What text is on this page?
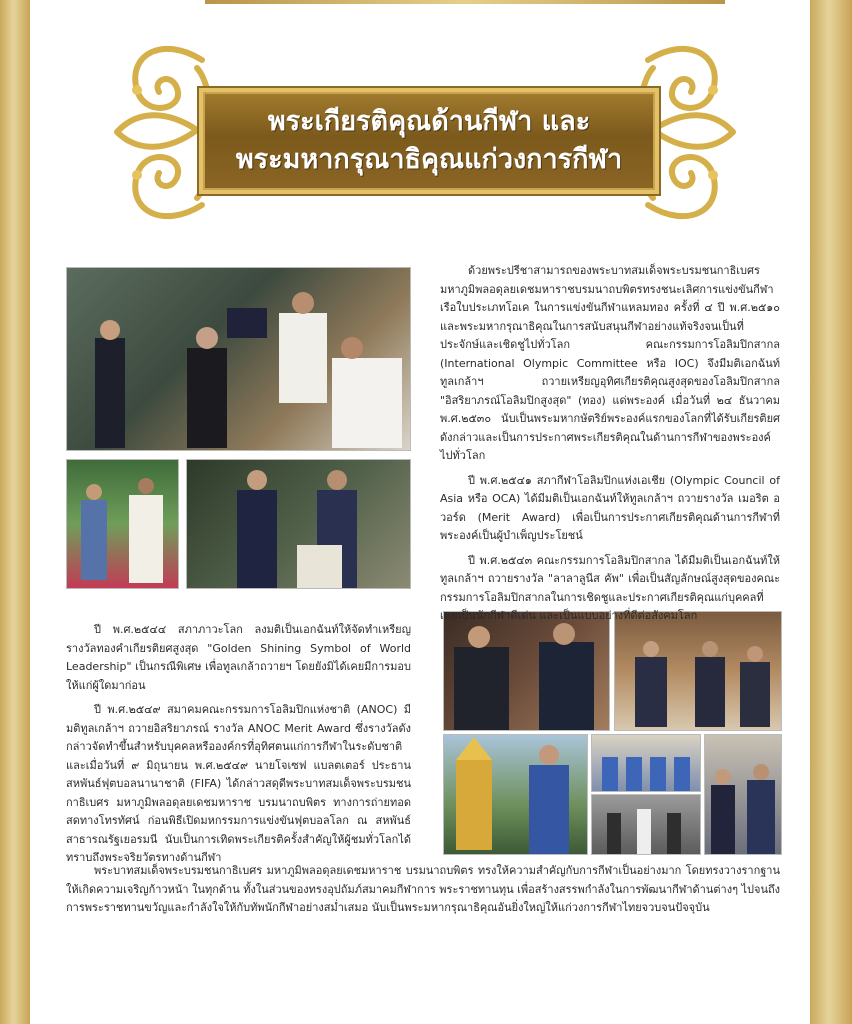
พระเกียรติคุณด้านกีฬา และ
พระมหากรุณาธิคุณแก่วงการกีฬา

ด้วยพระปรีชาสามารถของพระบาทสมเด็จพระบรมชนกาธิเบศร มหาภูมิพลอดุลยเดชมหาราชบรมนาถบพิตรทรงชนะเลิศการแข่งขันกีฬาเรือใบประเภทโอเค ในการแข่งขันกีฬาแหลมทอง ครั้งที่ ๔ ปี พ.ศ.๒๕๑๐ และพระมหากรุณาธิคุณในการสนับสนุนกีฬาอย่างแท้จริงจนเป็นที่ประจักษ์และเชิดชูไปทั่วโลก คณะกรรมการโอลิมปิกสากล (International Olympic Committee หรือ IOC) จึงมีมติเอกฉันท์ทูลเกล้าฯ ถวายเหรียญอุทิศเกียรติคุณสูงสุดของโอลิมปิกสากล "อิสริยาภรณ์โอลิมปิกสูงสุด" (ทอง) แด่พระองค์ เมื่อวันที่ ๒๔ ธันวาคม พ.ศ.๒๕๓๐ นับเป็นพระมหากษัตริย์พระองค์แรกของโลกที่ได้รับเกียรติยศดังกล่าวและเป็นการประกาศพระเกียรติคุณในด้านการกีฬาของพระองค์ไปทั่วโลก

ปี พ.ศ.๒๕๔๑ สภากีฬาโอลิมปิกแห่งเอเชีย (Olympic Council of Asia หรือ OCA) ได้มีมติเป็นเอกฉันท์ให้ทูลเกล้าฯ ถวายรางวัล เมอริต อวอร์ด (Merit Award) เพื่อเป็นการประกาศเกียรติคุณด้านการกีฬาที่พระองค์เป็นผู้บำเพ็ญประโยชน์

ปี พ.ศ.๒๕๔๓ คณะกรรมการโอลิมปิกสากล ได้มีมติเป็นเอกฉันท์ให้ทูลเกล้าฯ ถวายรางวัล "ลาลาลูนีส คัพ" เพื่อเป็นสัญลักษณ์สูงสุดของคณะกรรมการโอลิมปิกสากลในการเชิดชูและประกาศเกียรติคุณแก่บุคคลที่เคยเป็นนักกีฬาดีเด่น และเป็นแบบอย่างที่ดีต่อสังคมโลก

ปี พ.ศ.๒๕๔๔ สภาภาวะโลก ลงมติเป็นเอกฉันท์ให้จัดทำเหรียญรางวัลทองคำเกียรติยศสูงสุด "Golden Shining Symbol of World Leadership" เป็นกรณีพิเศษ เพื่อทูลเกล้าถวายฯ โดยยังมิได้เคยมีการมอบให้แก่ผู้ใดมาก่อน

ปี พ.ศ.๒๕๔๙ สมาคมคณะกรรมการโอลิมปิกแห่งชาติ (ANOC) มีมติทูลเกล้าฯ ถวายอิสริยาภรณ์ รางวัล ANOC Merit Award ซึ่งรางวัลดังกล่าวจัดทำขึ้นสำหรับบุคคลหรือองค์กรที่อุทิศตนแก่การกีฬาในระดับชาติ และเมื่อวันที่ ๙ มิถุนายน พ.ศ.๒๕๔๙ นายโจเซฟ แบลตเตอร์ ประธานสหพันธ์ฟุตบอลนานาชาติ (FIFA) ได้กล่าวสดุดีพระบาทสมเด็จพระบรมชนกาธิเบศร มหาภูมิพลอดุลยเดชมหาราช บรมนาถบพิตร ทางการถ่ายทอดสดทางโทรทัศน์ ก่อนพิธีเปิดมหกรรมการแข่งขันฟุตบอลโลก ณ สหพันธ์สาธารณรัฐเยอรมนี นับเป็นการเทิดพระเกียรติครั้งสำคัญให้ผู้ชมทั่วโลกได้ทราบถึงพระจริยวัตรทางด้านกีฬา

พระบาทสมเด็จพระบรมชนกาธิเบศร มหาภูมิพลอดุลยเดชมหาราช บรมนาถบพิตร ทรงให้ความสำคัญกับการกีฬาเป็นอย่างมาก โดยทรงวางรากฐานให้เกิดความเจริญก้าวหน้า ในทุกด้าน ทั้งในส่วนของทรงอุปถัมภ์สมาคมกีฬาการ พระราชทานทุน เพื่อสร้างสรรพกำลังในการพัฒนากีฬาด้านต่างๆ ไปจนถึงการพระราชทานขวัญและกำลังใจให้กับทัพนักกีฬาอย่างสม่ำเสมอ นับเป็นพระมหากรุณาธิคุณอันยิ่งใหญ่ให้แก่วงการกีฬาไทยจวบจนปัจจุบัน
